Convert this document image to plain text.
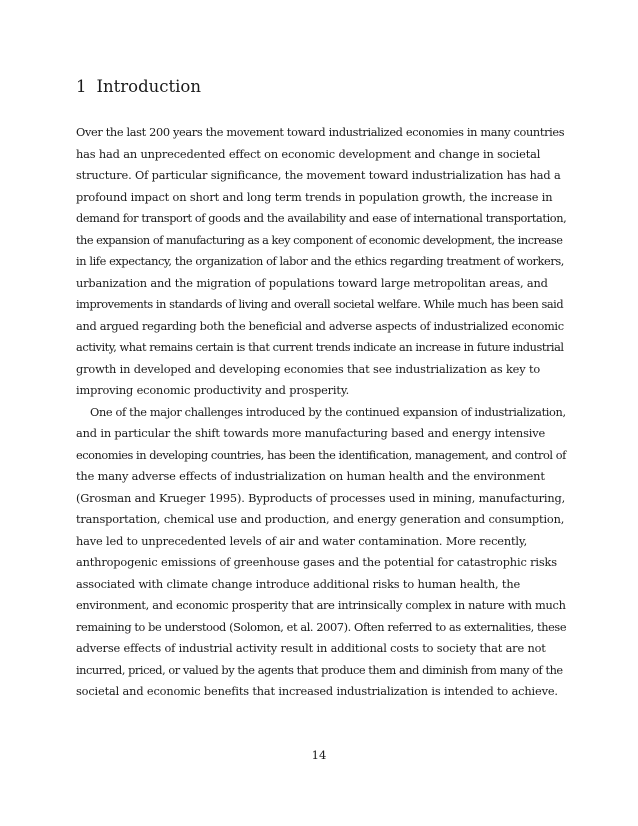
1 Introduction
Over the last 200 years the movement toward industrialized economies in many countries
has had an unprecedented effect on economic development and change in societal
structure. Of particular significance, the movement toward industrialization has had a
profound impact on short and long term trends in population growth, the increase in
demand for transport of goods and the availability and ease of international transportation,
the expansion of manufacturing as a key component of economic development, the increase
in life expectancy, the organization of labor and the ethics regarding treatment of workers,
urbanization and the migration of populations toward large metropolitan areas, and
improvements in standards of living and overall societal welfare. While much has been said
and argued regarding both the beneficial and adverse aspects of industrialized economic
activity, what remains certain is that current trends indicate an increase in future industrial
growth in developed and developing economies that see industrialization as key to
improving economic productivity and prosperity.
One of the major challenges introduced by the continued expansion of industrialization,
and in particular the shift towards more manufacturing based and energy intensive
economies in developing countries, has been the identification, management, and control of
the many adverse effects of industrialization on human health and the environment
(Grosman and Krueger 1995). Byproducts of processes used in mining, manufacturing,
transportation, chemical use and production, and energy generation and consumption,
have led to unprecedented levels of air and water contamination. More recently,
anthropogenic emissions of greenhouse gases and the potential for catastrophic risks
associated with climate change introduce additional risks to human health, the
environment, and economic prosperity that are intrinsically complex in nature with much
remaining to be understood (Solomon, et al. 2007). Often referred to as externalities, these
adverse effects of industrial activity result in additional costs to society that are not
incurred, priced, or valued by the agents that produce them and diminish from many of the
societal and economic benefits that increased industrialization is intended to achieve.
14
